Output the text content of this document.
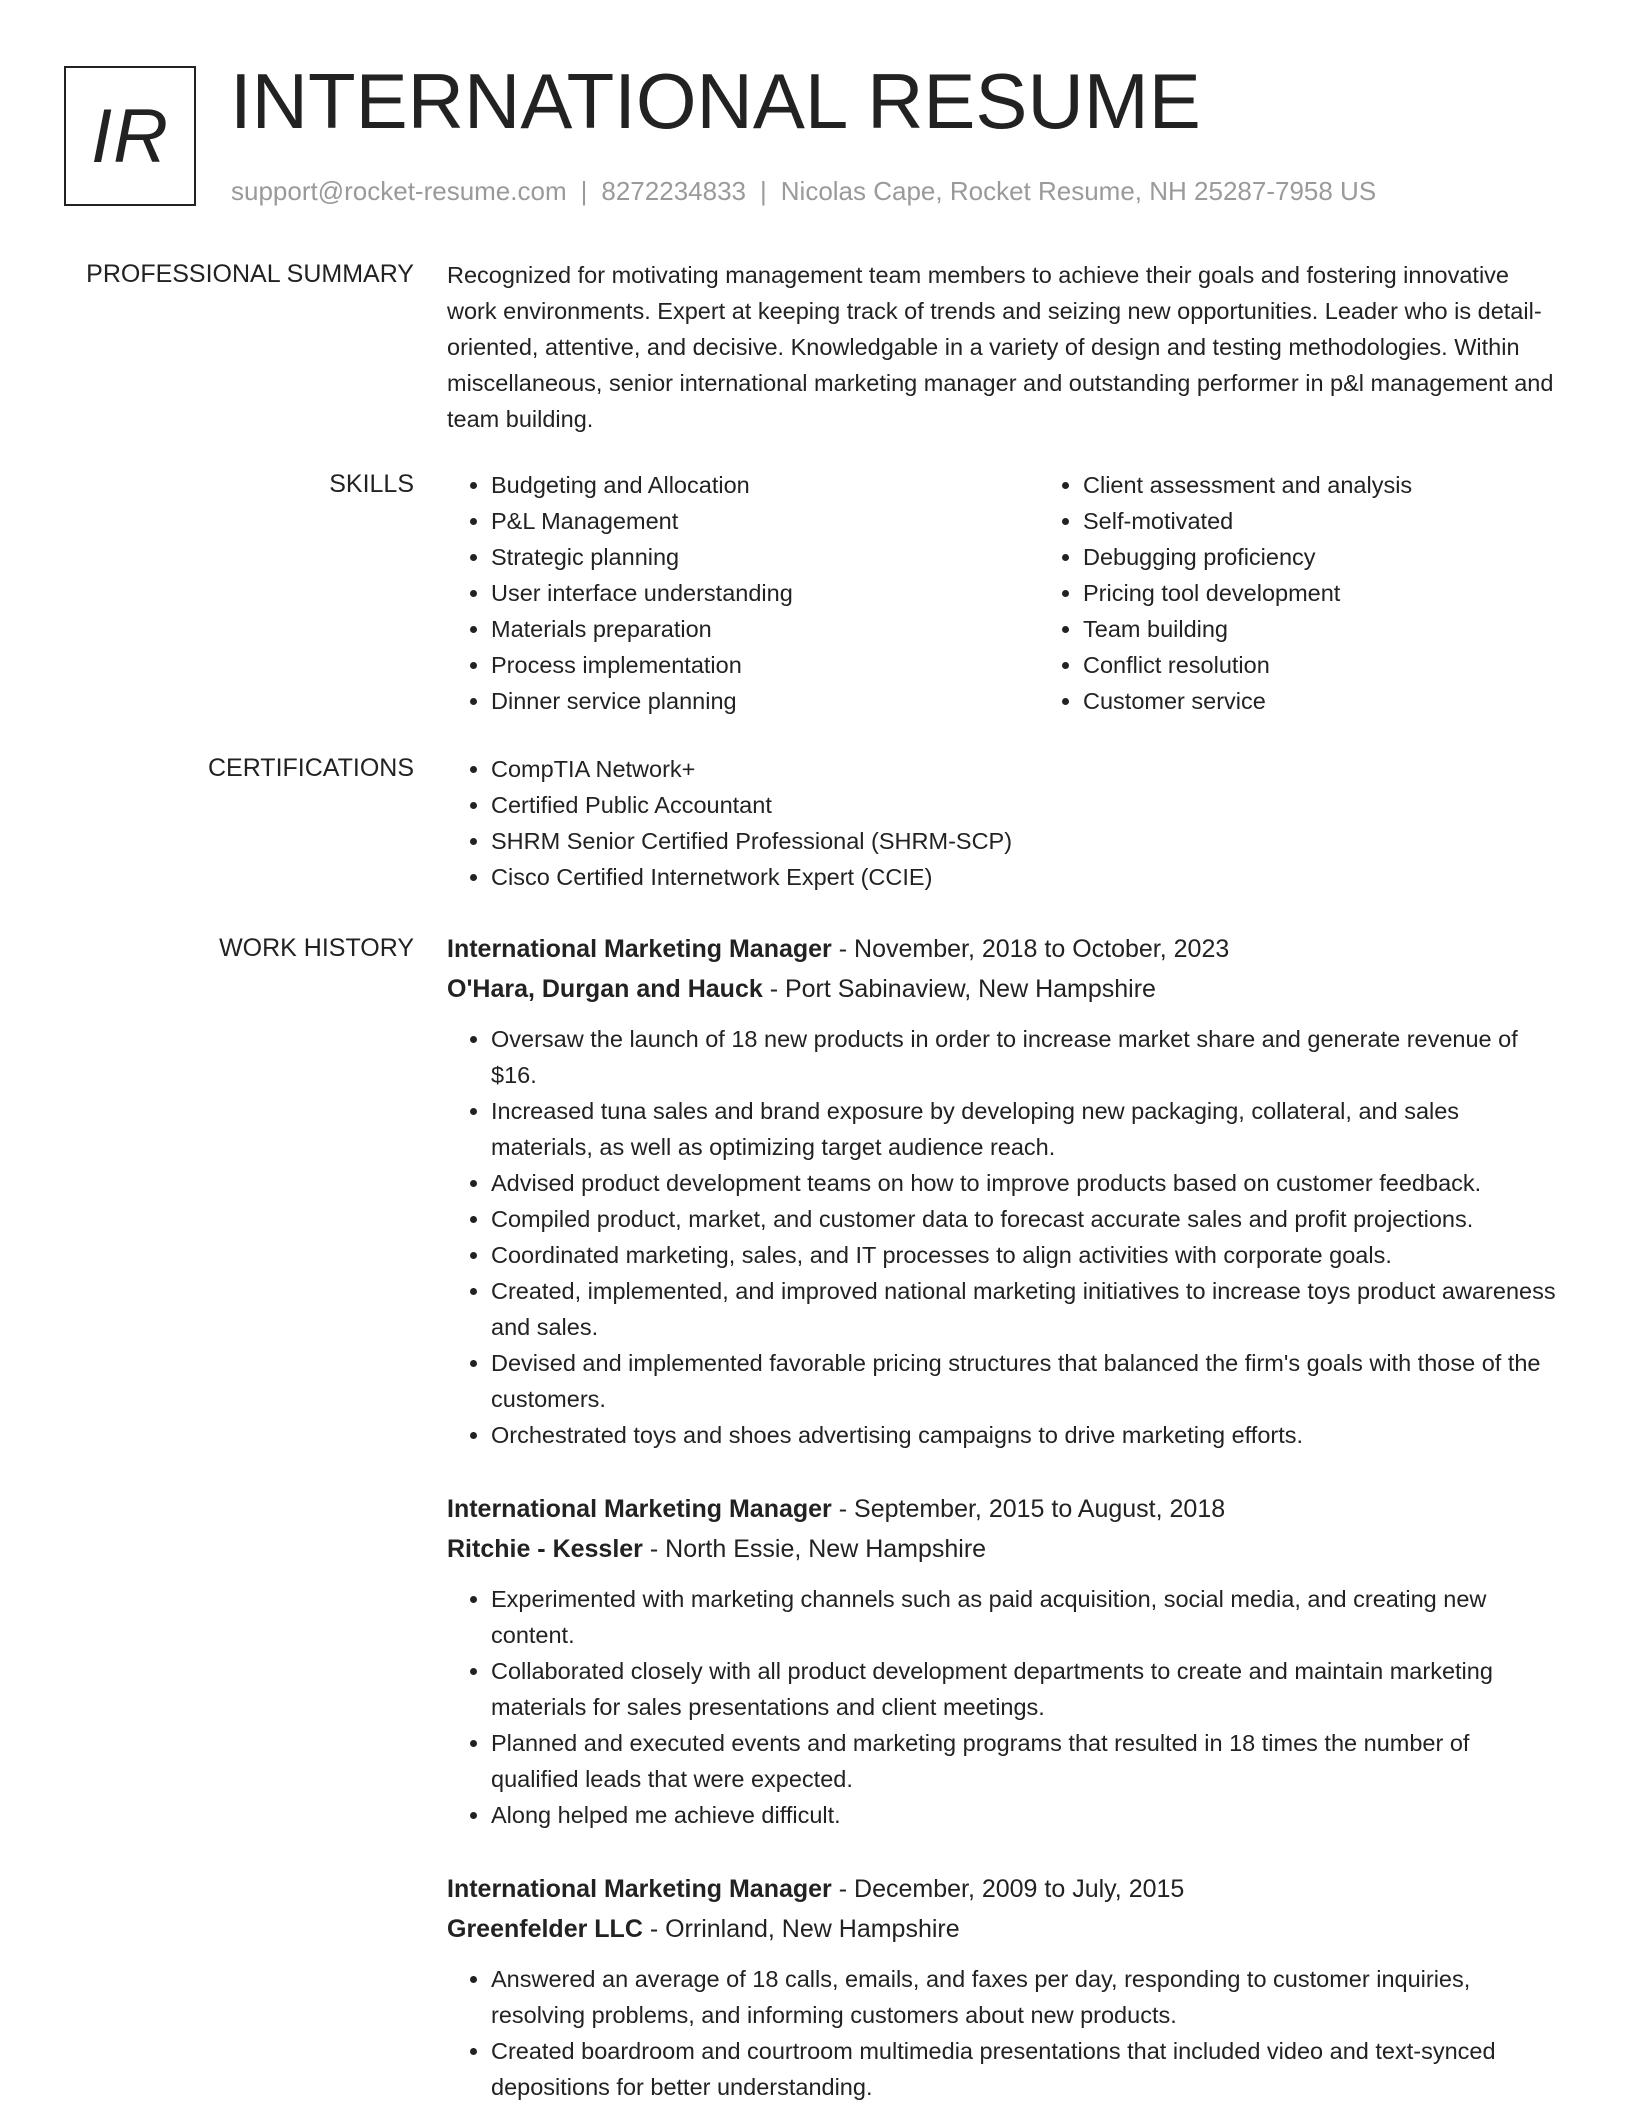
IR INTERNATIONAL RESUME
support@rocket-resume.com | 8272234833 | Nicolas Cape, Rocket Resume, NH 25287-7958 US
PROFESSIONAL SUMMARY Recognized for motivating management team members to achieve their goals and fostering innovative work environments. Expert at keeping track of trends and seizing new opportunities. Leader who is detail-oriented, attentive, and decisive. Knowledgable in a variety of design and testing methodologies. Within miscellaneous, senior international marketing manager and outstanding performer in p&l management and team building.

SKILLS	• Budgeting and Allocation
• P&L Management
• Strategic planning
• User interface understanding
• Materials preparation
• Process implementation
• Dinner service planning
• Client assessment and analysis
• Self-motivated
• Debugging proficiency
• Pricing tool development
• Team building
• Conflict resolution
• Customer service
CERTIFICATIONS	• CompTIA Network+
• Certified Public Accountant
• SHRM Senior Certified Professional (SHRM-SCP)
• Cisco Certified Internetwork Expert (CCIE)
WORK HISTORY International Marketing Manager - November, 2018 to October, 2023
O'Hara, Durgan and Hauck - Port Sabinaview, New Hampshire
• Oversaw the launch of 18 new products in order to increase market share and generate revenue of $16.
• Increased tuna sales and brand exposure by developing new packaging, collateral, and sales materials, as well as optimizing target audience reach.
• Advised product development teams on how to improve products based on customer feedback.
• Compiled product, market, and customer data to forecast accurate sales and profit projections.
• Coordinated marketing, sales, and IT processes to align activities with corporate goals.
• Created, implemented, and improved national marketing initiatives to increase toys product awareness and sales.
• Devised and implemented favorable pricing structures that balanced the firm's goals with those of the customers.
• Orchestrated toys and shoes advertising campaigns to drive marketing efforts.
International Marketing Manager - September, 2015 to August, 2018
Ritchie - Kessler - North Essie, New Hampshire
• Experimented with marketing channels such as paid acquisition, social media, and creating new content.
• Collaborated closely with all product development departments to create and maintain marketing materials for sales presentations and client meetings.
• Planned and executed events and marketing programs that resulted in 18 times the number of qualified leads that were expected.
• Along helped me achieve difficult.
International Marketing Manager - December, 2009 to July, 2015
Greenfelder LLC - Orrinland, New Hampshire
• Answered an average of 18 calls, emails, and faxes per day, responding to customer inquiries, resolving problems, and informing customers about new products.
• Created boardroom and courtroom multimedia presentations that included video and text-synced depositions for better understanding.
